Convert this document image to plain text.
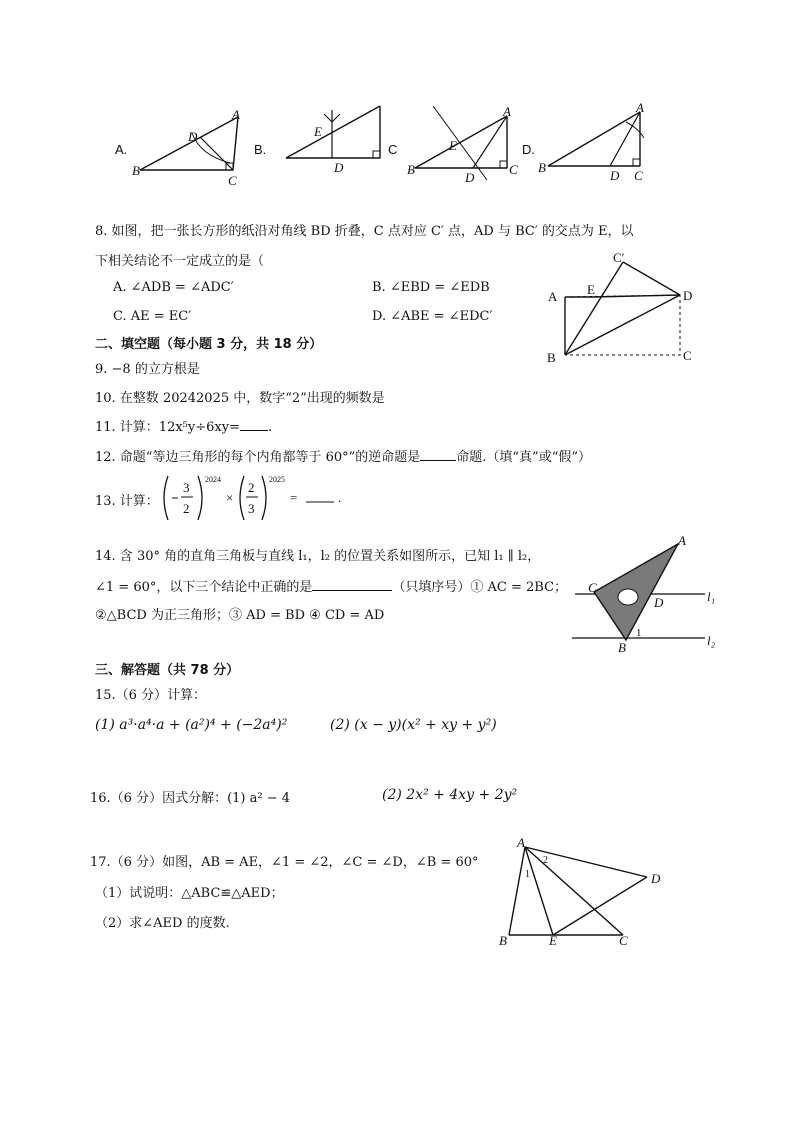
A.
A
B
C
D
B.
E
D
C
A
B	C
D
E	D.
A
B
C
D
8. 如图，把一张长方形的纸沿对角线 BD 折叠，C 点对应 C′ 点，AD 与 BC′ 的交点为 E，以
下相关结论不一定成立的是（
A. ∠ADB = ∠ADC′	B. ∠EBD = ∠EDB
C. AE = EC′	D. ∠ABE = ∠EDC′
A
B	C
D
E
C′
二、填空题（每小题 3 分，共 18 分）
9. −8 的立方根是
10. 在整数 20242025 中，数字“2”出现的频数是
11. 计算：12x⁵y÷6xy= .
12. 命题“等边三角形的每个内角都等于 60°”的逆命题是	命题.（填“真”或“假”）
13. 计算：
3
2
2024
×
2
3
2025
=	.
14. 含 30° 角的直角三角板与直线 l₁，l₂ 的位置关系如图所示，已知 l₁ ∥ l₂，
∠1 = 60°，以下三个结论中正确的是	（只填序号）① AC = 2BC；
②△BCD 为正三角形；③ AD = BD ④ CD = AD
A
B
C
D	l₁
l₂
1
三、解答题（共 78 分）
15.（6 分）计算：
(1) a³·a⁴·a + (a²)⁴ + (−2a⁴)²	(2) (x − y)(x² + xy + y²)
16.（6 分）因式分解：(1) a² − 4	(2) 2x² + 4xy + 2y²
17.（6 分）如图，AB = AE，∠1 = ∠2，∠C = ∠D，∠B = 60°
（1）试说明：△ABC≌△AED；
（2）求∠AED 的度数.
A
B	C
D
E
1
2
